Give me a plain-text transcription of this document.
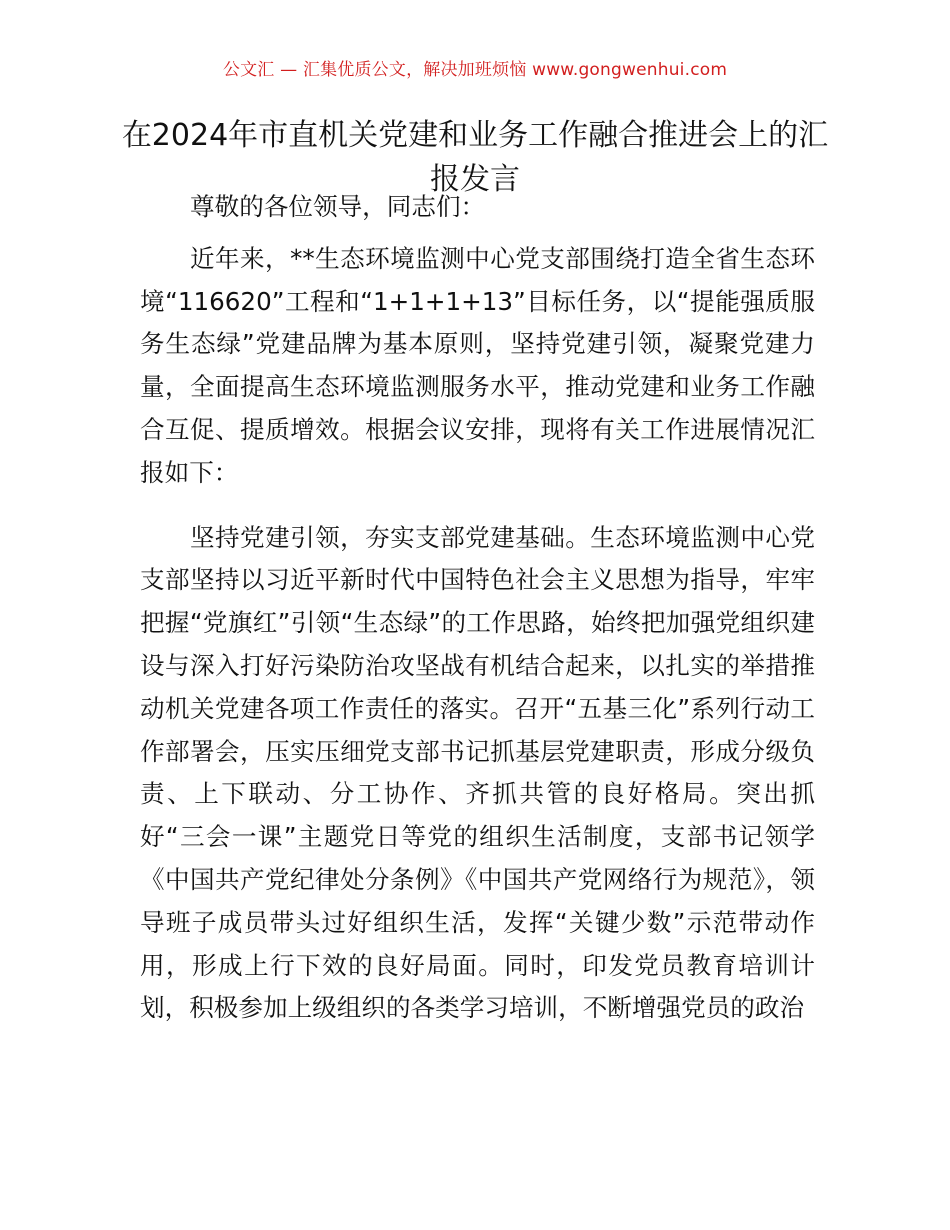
公文汇 — 汇集优质公文，解决加班烦恼 www.gongwenhui.com
在2024年市直机关党建和业务工作融合推进会上的汇报发言

尊敬的各位领导，同志们：

近年来，**生态环境监测中心党支部围绕打造全省生态环境“116620”工程和“1+1+1+13”目标任务，以“提能强质服务生态绿”党建品牌为基本原则，坚持党建引领，凝聚党建力量，全面提高生态环境监测服务水平，推动党建和业务工作融合互促、提质增效。根据会议安排，现将有关工作进展情况汇报如下：

坚持党建引领，夯实支部党建基础。生态环境监测中心党支部坚持以习近平新时代中国特色社会主义思想为指导，牢牢把握“党旗红”引领“生态绿”的工作思路，始终把加强党组织建设与深入打好污染防治攻坚战有机结合起来，以扎实的举措推动机关党建各项工作责任的落实。召开“五基三化”系列行动工作部署会，压实压细党支部书记抓基层党建职责，形成分级负责、上下联动、分工协作、齐抓共管的良好格局。突出抓好“三会一课”主题党日等党的组织生活制度，支部书记领学《中国共产党纪律处分条例》《中国共产党网络行为规范》，领导班子成员带头过好组织生活，发挥“关键少数”示范带动作用，形成上行下效的良好局面。同时，印发党员教育培训计划，积极参加上级组织的各类学习培训，不断增强党员的政治
